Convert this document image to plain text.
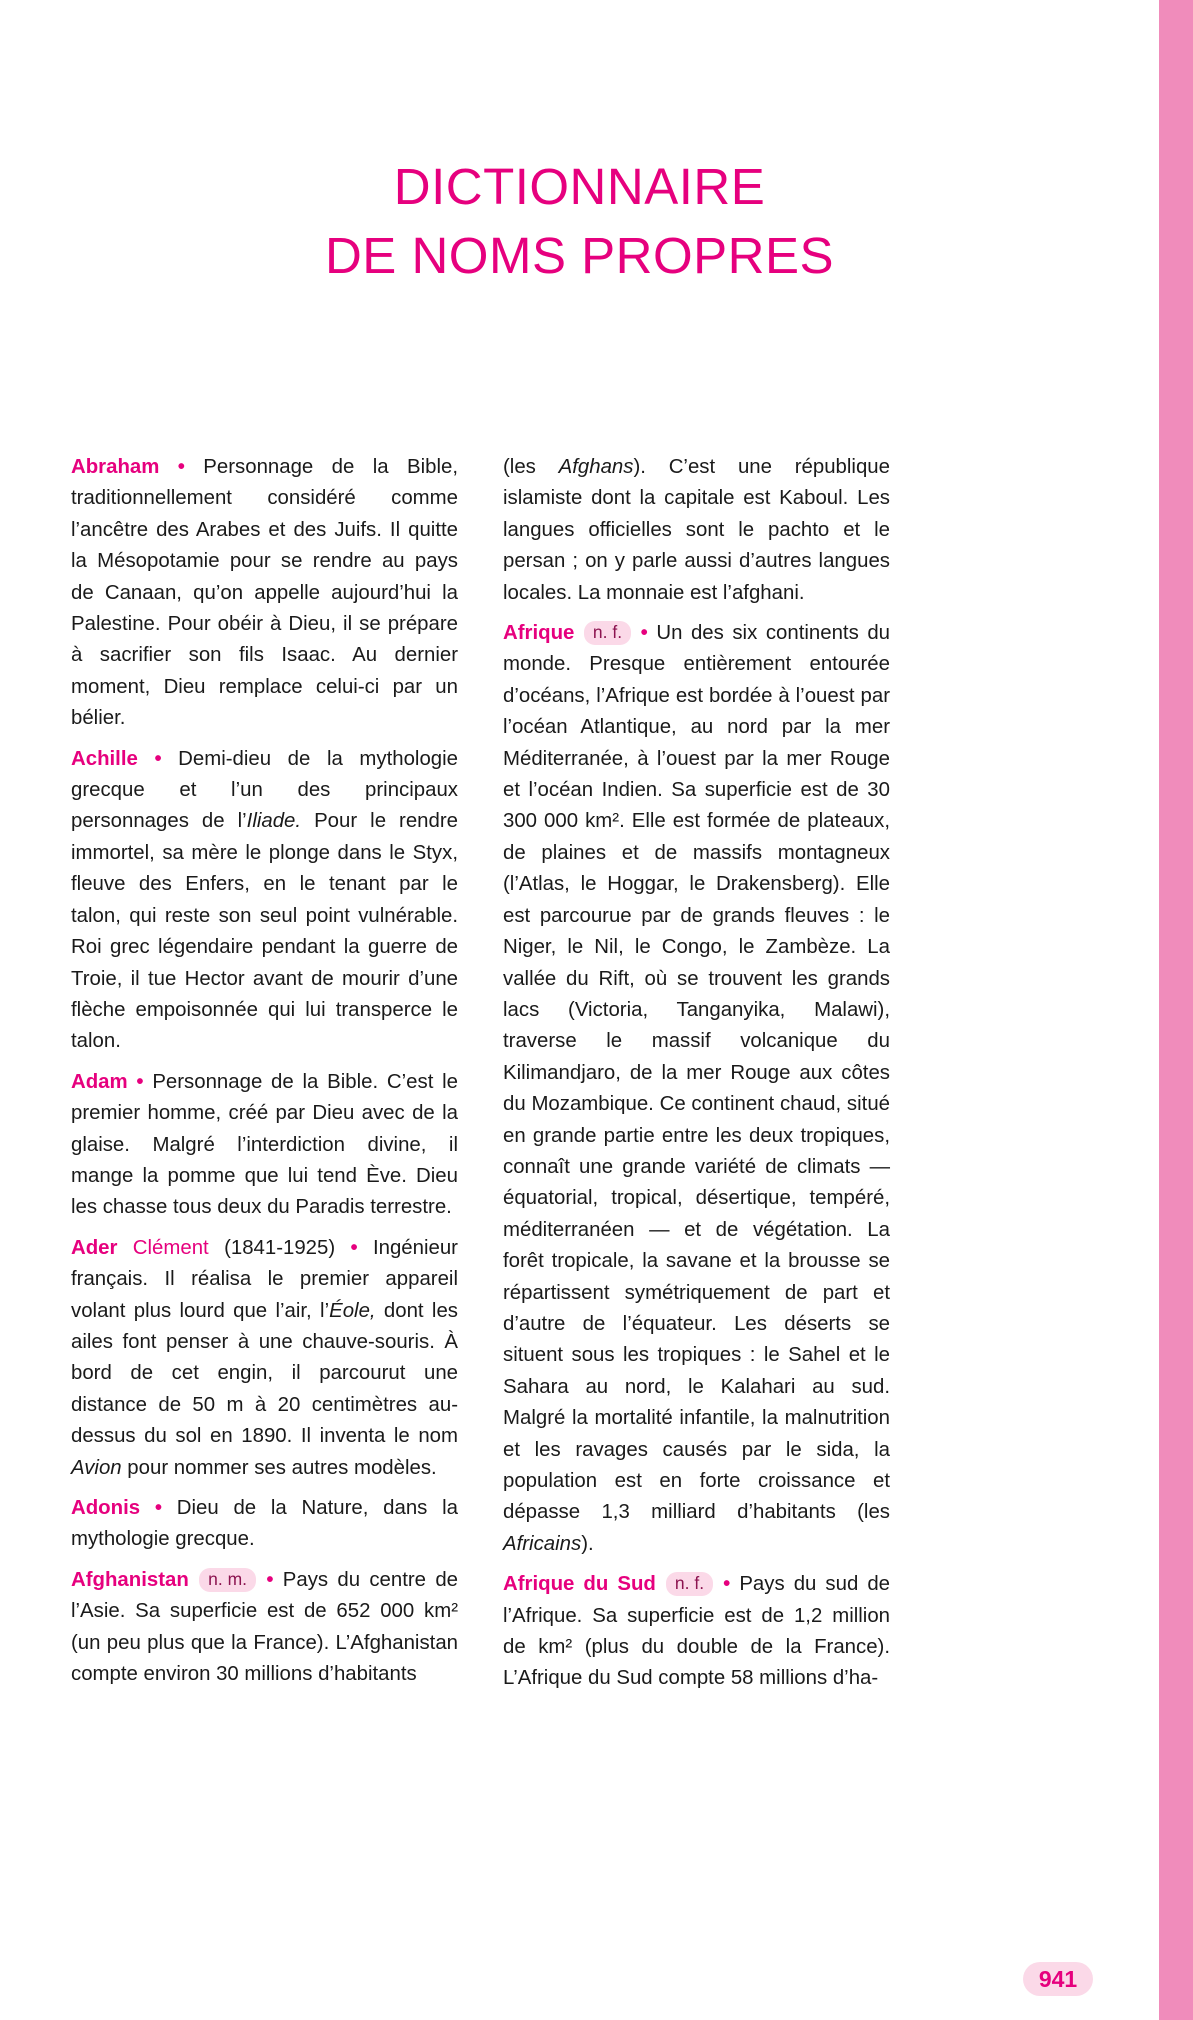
DICTIONNAIRE
DE NOMS PROPRES

Abraham • Personnage de la Bible, traditionnellement considéré comme l’ancêtre des Arabes et des Juifs. Il quitte la Mésopotamie pour se rendre au pays de Canaan, qu’on appelle aujourd’hui la Palestine. Pour obéir à Dieu, il se prépare à sacrifier son fils Isaac. Au dernier moment, Dieu remplace celui-ci par un bélier.

Achille • Demi-dieu de la mythologie grecque et l’un des principaux personnages de l’Iliade. Pour le rendre immortel, sa mère le plonge dans le Styx, fleuve des Enfers, en le tenant par le talon, qui reste son seul point vulnérable. Roi grec légendaire pendant la guerre de Troie, il tue Hector avant de mourir d’une flèche empoisonnée qui lui transperce le talon.

Adam • Personnage de la Bible. C’est le premier homme, créé par Dieu avec de la glaise. Malgré l’interdiction divine, il mange la pomme que lui tend Ève. Dieu les chasse tous deux du Paradis terrestre.

Ader Clément (1841-1925) • Ingénieur français. Il réalisa le premier appareil volant plus lourd que l’air, l’Éole, dont les ailes font penser à une chauve-souris. À bord de cet engin, il parcourut une distance de 50 m à 20 centimètres au-dessus du sol en 1890. Il inventa le nom Avion pour nommer ses autres modèles.

Adonis • Dieu de la Nature, dans la mythologie grecque.

Afghanistan n. m. • Pays du centre de l’Asie. Sa superficie est de 652 000 km² (un peu plus que la France). L’Afghanistan compte environ 30 millions d’habitants

(les Afghans). C’est une république islamiste dont la capitale est Kaboul. Les langues officielles sont le pachto et le persan ; on y parle aussi d’autres langues locales. La monnaie est l’afghani.

Afrique n. f. • Un des six continents du monde. Presque entièrement entourée d’océans, l’Afrique est bordée à l’ouest par l’océan Atlantique, au nord par la mer Méditerranée, à l’ouest par la mer Rouge et l’océan Indien. Sa superficie est de 30 300 000 km². Elle est formée de plateaux, de plaines et de massifs montagneux (l’Atlas, le Hoggar, le Drakensberg). Elle est parcourue par de grands fleuves : le Niger, le Nil, le Congo, le Zambèze. La vallée du Rift, où se trouvent les grands lacs (Victoria, Tanganyika, Malawi), traverse le massif volcanique du Kilimandjaro, de la mer Rouge aux côtes du Mozambique. Ce continent chaud, situé en grande partie entre les deux tropiques, connaît une grande variété de climats — équatorial, tropical, désertique, tempéré, méditerranéen — et de végétation. La forêt tropicale, la savane et la brousse se répartissent symétriquement de part et d’autre de l’équateur. Les déserts se situent sous les tropiques : le Sahel et le Sahara au nord, le Kalahari au sud. Malgré la mortalité infantile, la malnutrition et les ravages causés par le sida, la population est en forte croissance et dépasse 1,3 milliard d’habitants (les Africains).

Afrique du Sud n. f. • Pays du sud de l’Afrique. Sa superficie est de 1,2 million de km² (plus du double de la France). L’Afrique du Sud compte 58 millions d’ha-

941
